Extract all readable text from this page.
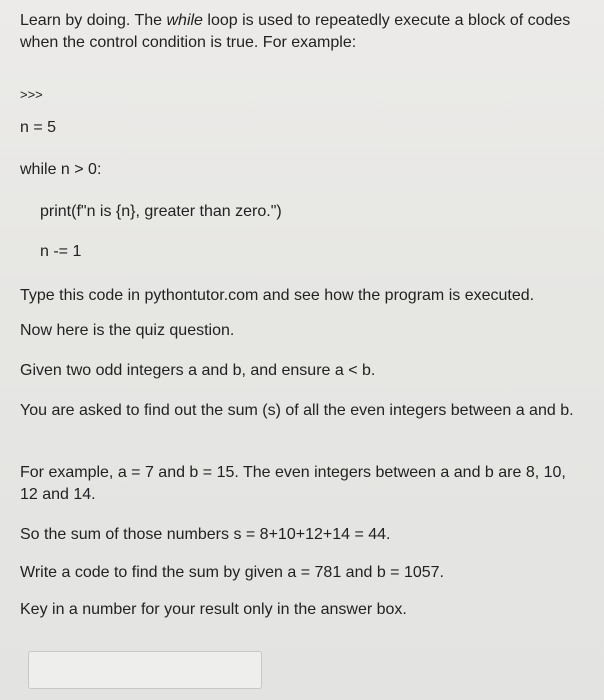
Learn by doing. The while loop is used to repeatedly execute a block of codes when the control condition is true. For example:
>>>
n = 5
while n > 0:
print(f"n is {n}, greater than zero.")
n -= 1
Type this code in pythontutor.com and see how the program is executed.
Now here is the quiz question.
Given two odd integers a and b, and ensure a < b.
You are asked to find out the sum (s) of all the even integers between a and b.
For example, a = 7 and b = 15. The even integers between a and b are 8, 10, 12 and 14.
So the sum of those numbers s = 8+10+12+14 = 44.
Write a code to find the sum by given a = 781 and b = 1057.
Key in a number for your result only in the answer box.
